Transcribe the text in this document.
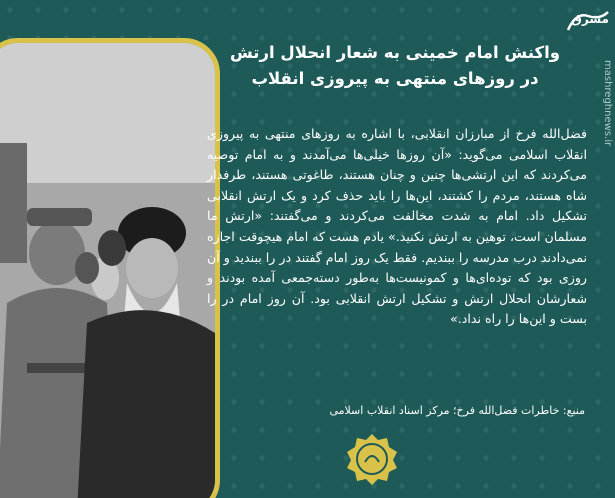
مشرق
mashreghnews.ir
واکنش امام خمینی به شعار انحلال ارتش
در روزهای منتهی به پیروزی انقلاب
فضل‌الله فرخ از مبارزان انقلابی، با اشاره به روزهای منتهی به پیروزی انقلاب اسلامی می‌گوید: «آن روزها خیلی‌ها می‌آمدند و به امام توصیه می‌کردند که این ارتشی‌ها چنین و چنان هستند، طاغوتی هستند، طرفدار شاه هستند، مردم را کشتند، این‌ها را باید حذف کرد و یک ارتش انقلابی تشکیل داد. امام به شدت مخالفت می‌کردند و می‌گفتند: «ارتش ما مسلمان است، توهین به ارتش نکنید.» یادم هست که امام هیچوقت اجازه نمی‌دادند درب مدرسه را ببندیم. فقط یک روز امام گفتند در را ببندید و آن روزی بود که توده‌ای‌ها و کمونیست‌ها به‌طور دسته‌جمعی آمده بودند و شعارشان انحلال ارتش و تشکیل ارتش انقلابی بود. آن روز امام در را بست و این‌ها را راه نداد.»
منبع: خاطرات فضل‌الله فرخ؛ مرکز اسناد انقلاب اسلامی
